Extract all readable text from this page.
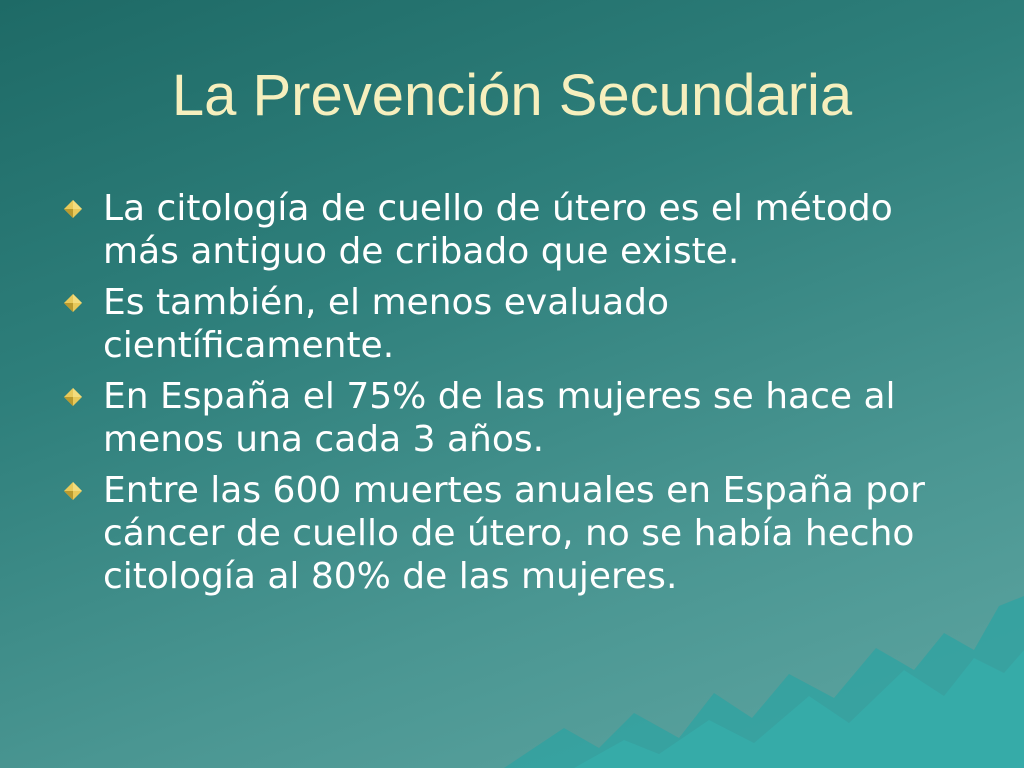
La Prevención Secundaria
La citología de cuello de útero es el método más antiguo de cribado que existe.
Es también, el menos evaluado científicamente.
En España el 75% de las mujeres se hace al menos una cada 3 años.
Entre las 600 muertes anuales en España por cáncer de cuello de útero, no se había hecho citología al 80% de las mujeres.
